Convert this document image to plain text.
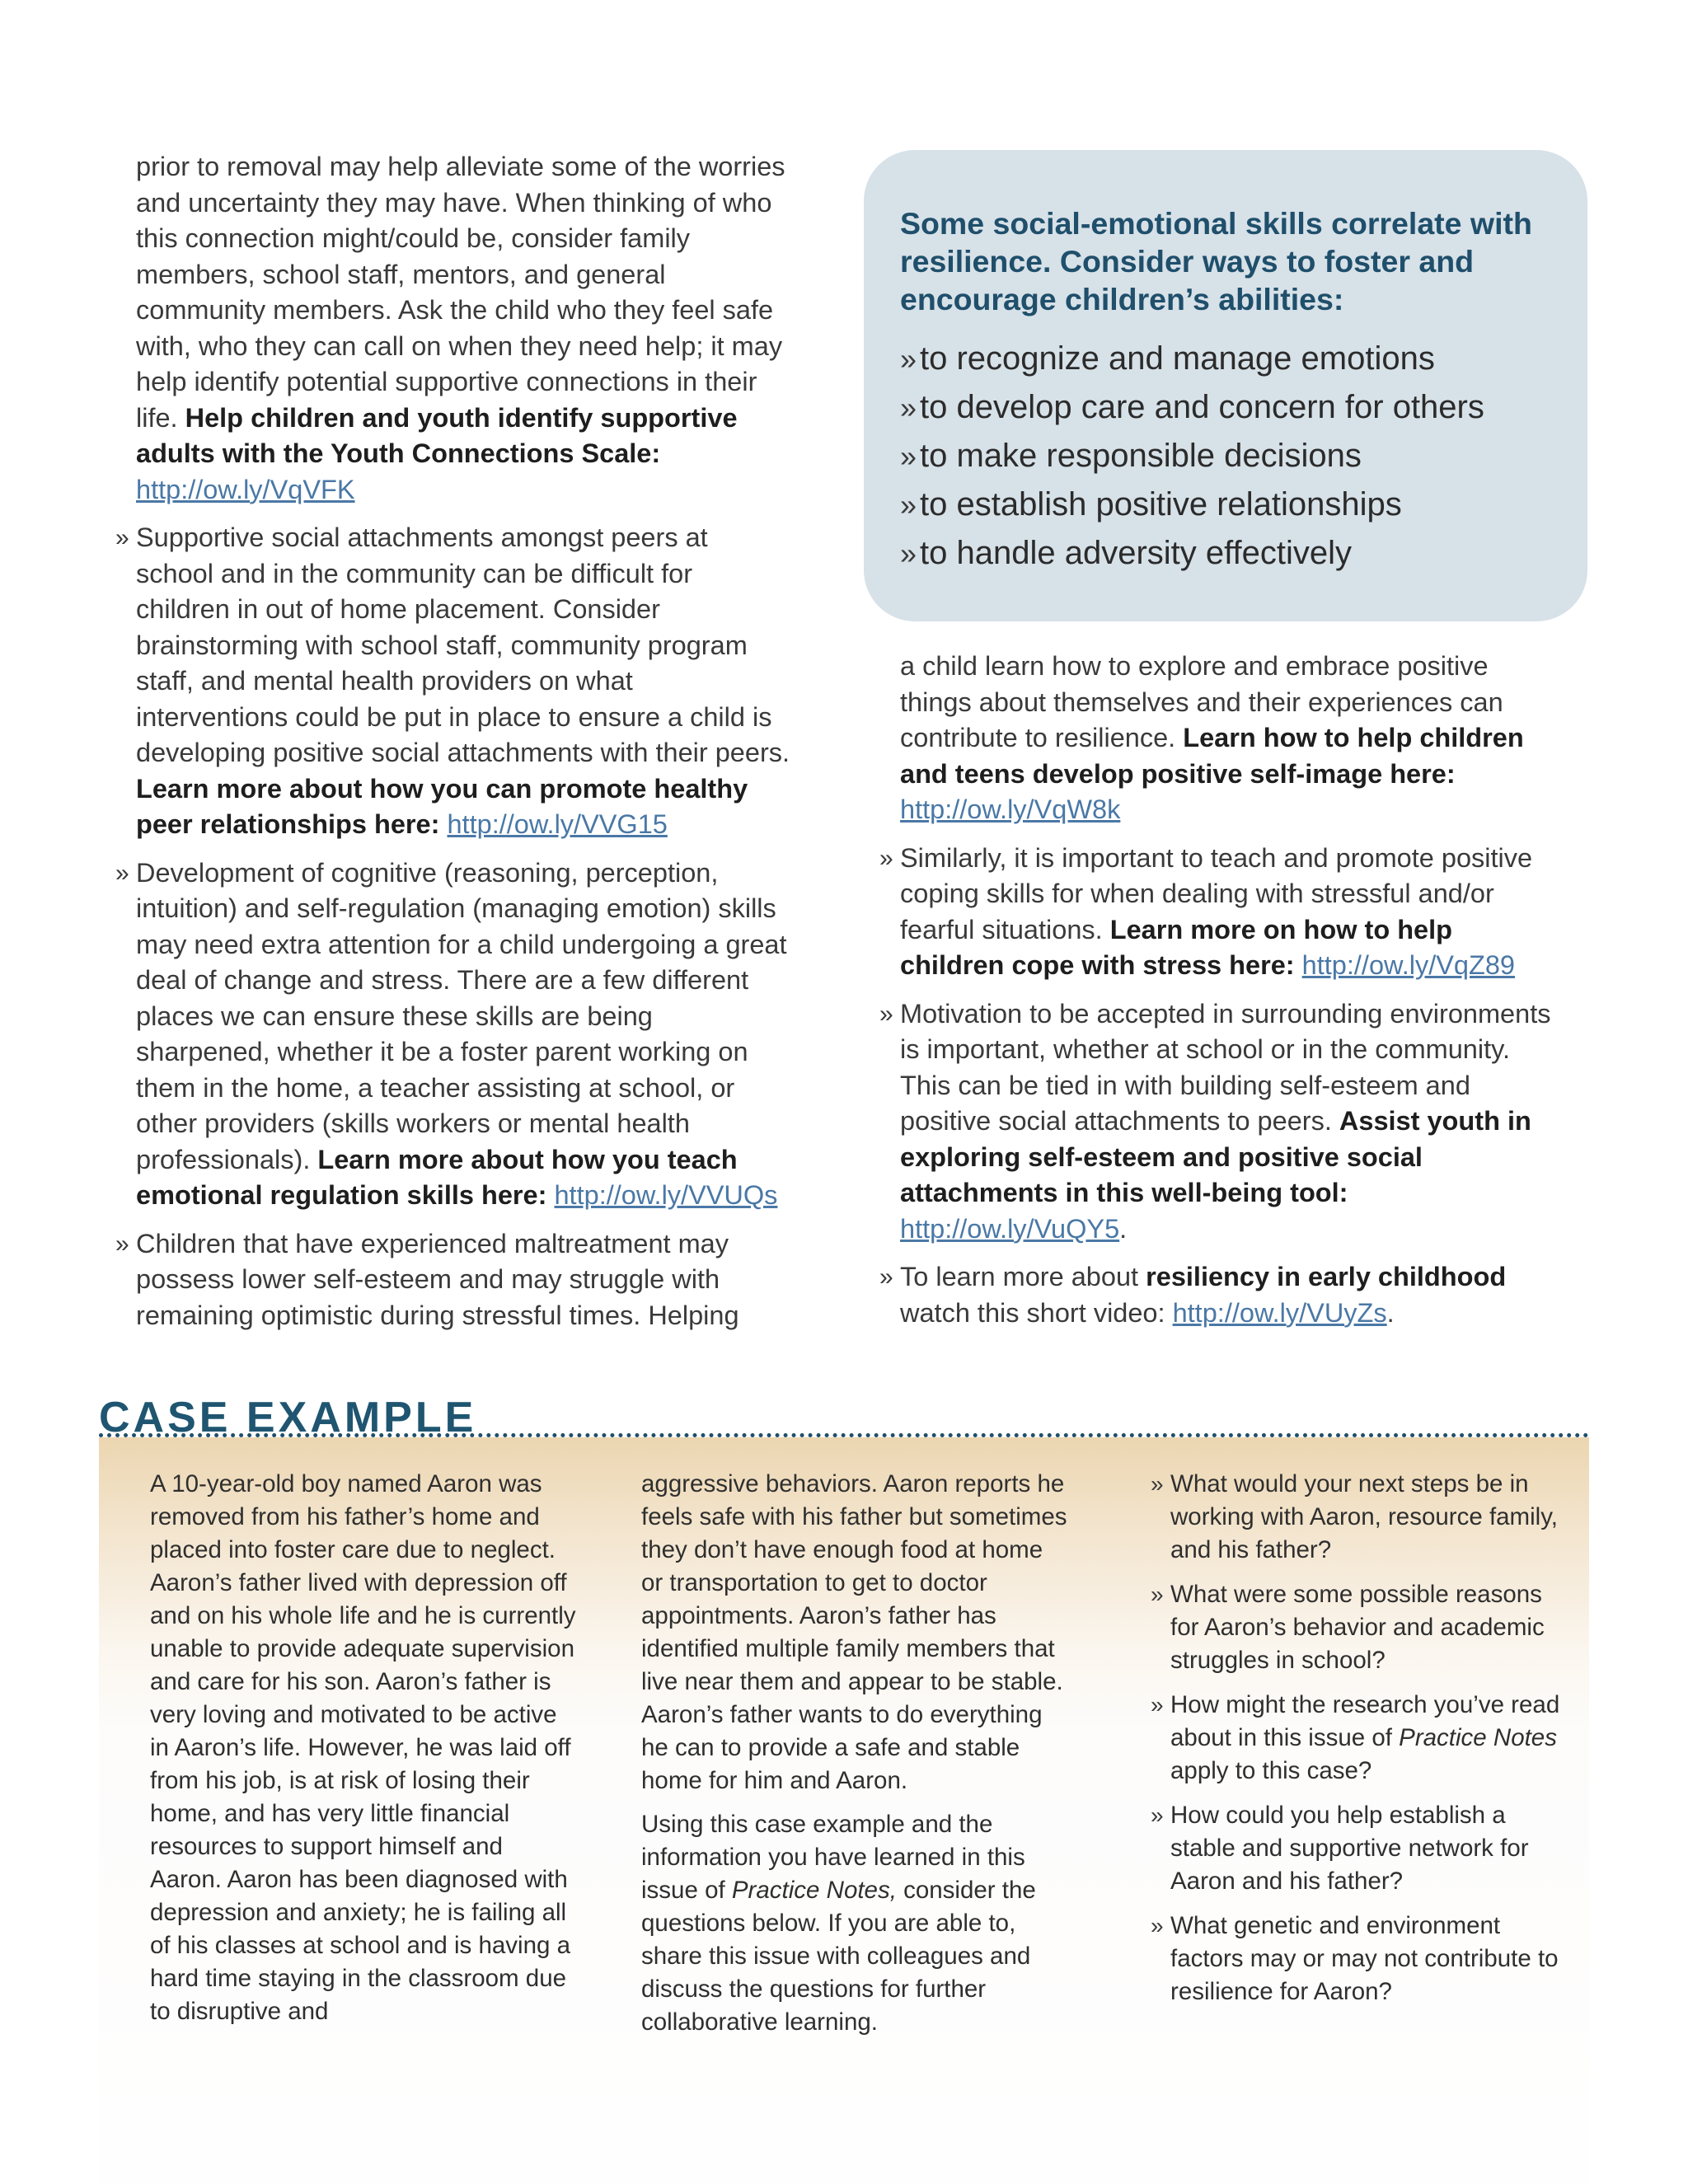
prior to removal may help alleviate some of the worries and uncertainty they may have. When thinking of who this connection might/could be, consider family members, school staff, mentors, and general community members. Ask the child who they feel safe with, who they can call on when they need help; it may help identify potential supportive connections in their life. Help children and youth identify supportive adults with the Youth Connections Scale: http://ow.ly/VqVFK

» Supportive social attachments amongst peers at school and in the community can be difficult for children in out of home placement. Consider brainstorming with school staff, community program staff, and mental health providers on what interventions could be put in place to ensure a child is developing positive social attachments with their peers. Learn more about how you can promote healthy peer relationships here: http://ow.ly/VVG15
» Development of cognitive (reasoning, perception, intuition) and self-regulation (managing emotion) skills may need extra attention for a child undergoing a great deal of change and stress. There are a few different places we can ensure these skills are being sharpened, whether it be a foster parent working on them in the home, a teacher assisting at school, or other providers (skills workers or mental health professionals). Learn more about how you teach emotional regulation skills here: http://ow.ly/VVUQs
» Children that have experienced maltreatment may possess lower self-esteem and may struggle with remaining optimistic during stressful times. Helping

Some social-emotional skills correlate with resilience. Consider ways to foster and encourage children’s abilities:

» to recognize and manage emotions
» to develop care and concern for others
» to make responsible decisions
» to establish positive relationships
» to handle adversity effectively

a child learn how to explore and embrace positive things about themselves and their experiences can contribute to resilience. Learn how to help children and teens develop positive self-image here: http://ow.ly/VqW8k

» Similarly, it is important to teach and promote positive coping skills for when dealing with stressful and/or fearful situations. Learn more on how to help children cope with stress here: http://ow.ly/VqZ89
» Motivation to be accepted in surrounding environments is important, whether at school or in the community. This can be tied in with building self-esteem and positive social attachments to peers. Assist youth in exploring self-esteem and positive social attachments in this well-being tool: http://ow.ly/VuQY5.
» To learn more about resiliency in early childhood watch this short video: http://ow.ly/VUyZs.
CASE EXAMPLE

A 10-year-old boy named Aaron was removed from his father’s home and placed into foster care due to neglect. Aaron’s father lived with depression off and on his whole life and he is currently unable to provide adequate supervision and care for his son. Aaron’s father is very loving and motivated to be active in Aaron’s life. However, he was laid off from his job, is at risk of losing their home, and has very little financial resources to support himself and Aaron. Aaron has been diagnosed with depression and anxiety; he is failing all of his classes at school and is having a hard time staying in the classroom due to disruptive and

aggressive behaviors. Aaron reports he feels safe with his father but sometimes they don’t have enough food at home or transportation to get to doctor appointments. Aaron’s father has identified multiple family members that live near them and appear to be stable. Aaron’s father wants to do everything he can to provide a safe and stable home for him and Aaron.

Using this case example and the information you have learned in this issue of Practice Notes, consider the questions below. If you are able to, share this issue with colleagues and discuss the questions for further collaborative learning.

» What would your next steps be in working with Aaron, resource family, and his father?
» What were some possible reasons for Aaron’s behavior and academic struggles in school?
» How might the research you’ve read about in this issue of Practice Notes apply to this case?
» How could you help establish a stable and supportive network for Aaron and his father?
» What genetic and environment factors may or may not contribute to resilience for Aaron?
